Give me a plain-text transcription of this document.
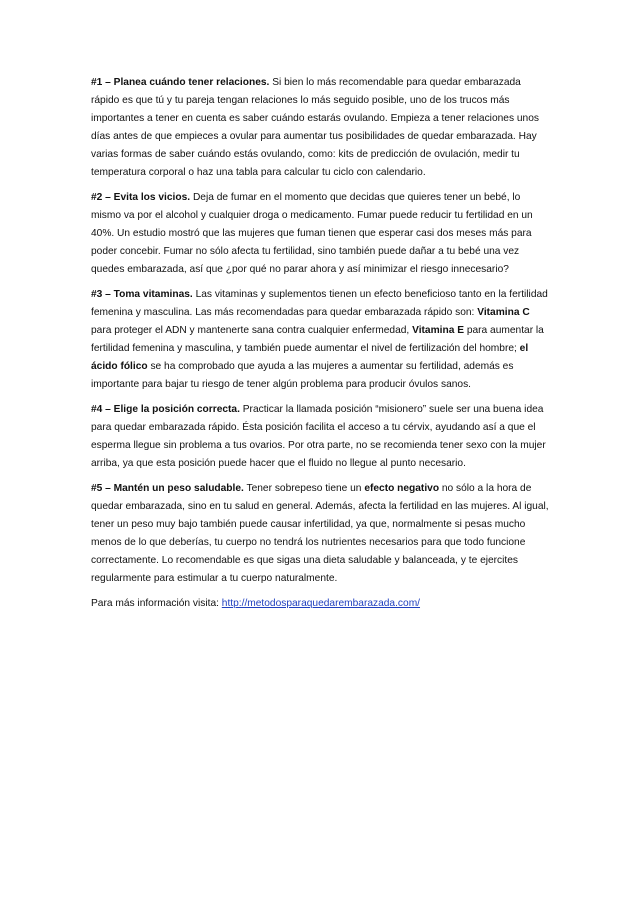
#1 – Planea cuándo tener relaciones. Si bien lo más recomendable para quedar embarazada rápido es que tú y tu pareja tengan relaciones lo más seguido posible, uno de los trucos más importantes a tener en cuenta es saber cuándo estarás ovulando. Empieza a tener relaciones unos días antes de que empieces a ovular para aumentar tus posibilidades de quedar embarazada. Hay varias formas de saber cuándo estás ovulando, como: kits de predicción de ovulación, medir tu temperatura corporal o haz una tabla para calcular tu ciclo con calendario.

#2 – Evita los vicios. Deja de fumar en el momento que decidas que quieres tener un bebé, lo mismo va por el alcohol y cualquier droga o medicamento. Fumar puede reducir tu fertilidad en un 40%. Un estudio mostró que las mujeres que fuman tienen que esperar casi dos meses más para poder concebir. Fumar no sólo afecta tu fertilidad, sino también puede dañar a tu bebé una vez quedes embarazada, así que ¿por qué no parar ahora y así minimizar el riesgo innecesario?

#3 – Toma vitaminas. Las vitaminas y suplementos tienen un efecto beneficioso tanto en la fertilidad femenina y masculina. Las más recomendadas para quedar embarazada rápido son: Vitamina C para proteger el ADN y mantenerte sana contra cualquier enfermedad, Vitamina E para aumentar la fertilidad femenina y masculina, y también puede aumentar el nivel de fertilización del hombre; el ácido fólico se ha comprobado que ayuda a las mujeres a aumentar su fertilidad, además es importante para bajar tu riesgo de tener algún problema para producir óvulos sanos.

#4 – Elige la posición correcta. Practicar la llamada posición “misionero” suele ser una buena idea para quedar embarazada rápido. Ésta posición facilita el acceso a tu cérvix, ayudando así a que el esperma llegue sin problema a tus ovarios. Por otra parte, no se recomienda tener sexo con la mujer arriba, ya que esta posición puede hacer que el fluido no llegue al punto necesario.

#5 – Mantén un peso saludable. Tener sobrepeso tiene un efecto negativo no sólo a la hora de quedar embarazada, sino en tu salud en general. Además, afecta la fertilidad en las mujeres. Al igual, tener un peso muy bajo también puede causar infertilidad, ya que, normalmente si pesas mucho menos de lo que deberías, tu cuerpo no tendrá los nutrientes necesarios para que todo funcione correctamente. Lo recomendable es que sigas una dieta saludable y balanceada, y te ejercites regularmente para estimular a tu cuerpo naturalmente.

Para más información visita: http://metodosparaquedarembarazada.com/
